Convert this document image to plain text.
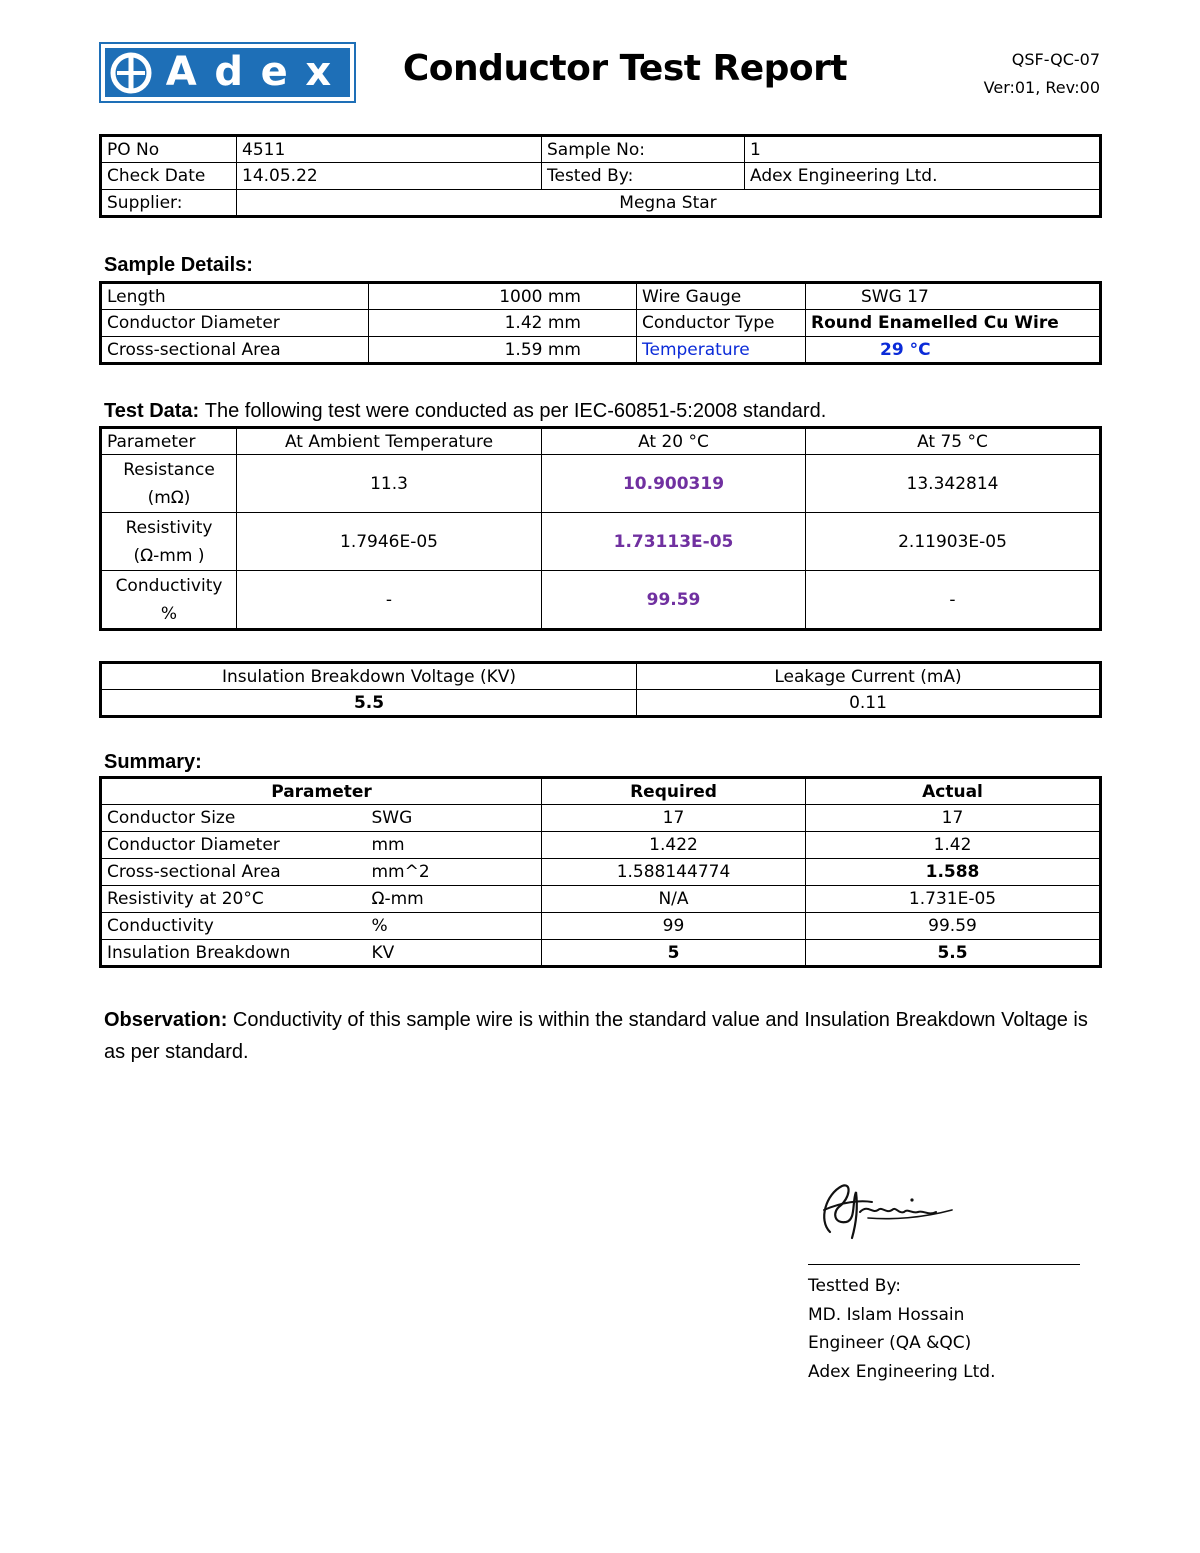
A d e x	Conductor Test Report	QSF-QC-07
Ver:01, Rev:00
PO No	4511	Sample No:	1
Check Date	14.05.22	Tested By:	Adex Engineering Ltd.
Supplier:	Megna Star		
Sample Details:
Length	1000 mm	Wire Gauge	SWG 17
Conductor Diameter	1.42 mm	Conductor Type	Round Enamelled Cu Wire
Cross-sectional Area	1.59 mm	Temperature	29 °C
Test Data: The following test were conducted as per IEC-60851-5:2008 standard.
Parameter	At Ambient Temperature	At 20 °C	At 75 °C

Resistance
(mΩ)	11.3	10.900319	13.342814

Resistivity
(Ω-mm )	1.7946E-05	1.73113E-05	2.11903E-05

Conductivity
%	-	99.59	-
Insulation Breakdown Voltage (KV)	Leakage Current (mA)
5.5	0.11
Summary:
Parameter		Required	Actual
Conductor Size	SWG	17	17
Conductor Diameter	mm	1.422	1.42
Cross-sectional Area	mm^2	1.588144774	1.588
Resistivity at 20°C	Ω-mm	N/A	1.731E-05
Conductivity	%	99	99.59
Insulation Breakdown	KV	5	5.5
Observation: Conductivity of this sample wire is within the standard value and Insulation Breakdown Voltage is as per standard.
Testted By:
MD. Islam Hossain
Engineer (QA &QC)
Adex Engineering Ltd.
